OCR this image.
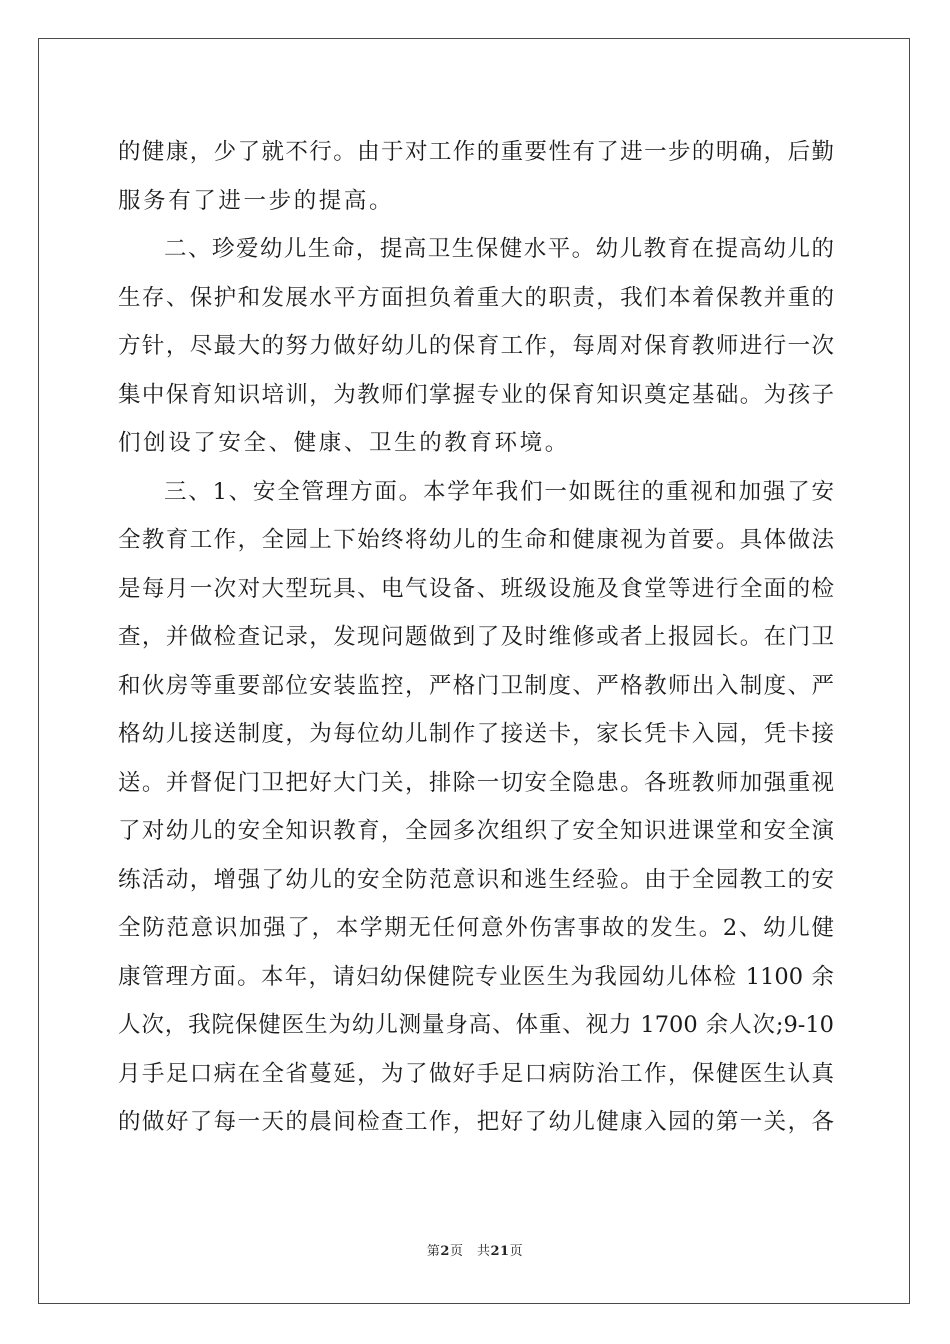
的健康，少了就不行。由于对工作的重要性有了进一步的明确，后勤
服务有了进一步的提高。
二、珍爱幼儿生命，提高卫生保健水平。幼儿教育在提高幼儿的
生存、保护和发展水平方面担负着重大的职责，我们本着保教并重的
方针，尽最大的努力做好幼儿的保育工作，每周对保育教师进行一次
集中保育知识培训，为教师们掌握专业的保育知识奠定基础。为孩子
们创设了安全、健康、卫生的教育环境。
三、1、安全管理方面。本学年我们一如既往的重视和加强了安
全教育工作，全园上下始终将幼儿的生命和健康视为首要。具体做法
是每月一次对大型玩具、电气设备、班级设施及食堂等进行全面的检
查，并做检查记录，发现问题做到了及时维修或者上报园长。在门卫
和伙房等重要部位安装监控，严格门卫制度、严格教师出入制度、严
格幼儿接送制度，为每位幼儿制作了接送卡，家长凭卡入园，凭卡接
送。并督促门卫把好大门关，排除一切安全隐患。各班教师加强重视
了对幼儿的安全知识教育，全园多次组织了安全知识进课堂和安全演
练活动，增强了幼儿的安全防范意识和逃生经验。由于全园教工的安
全防范意识加强了，本学期无任何意外伤害事故的发生。2、幼儿健
康管理方面。本年，请妇幼保健院专业医生为我园幼儿体检 1100 余
人次，我院保健医生为幼儿测量身高、体重、视力 1700 余人次;9-10
月手足口病在全省蔓延，为了做好手足口病防治工作，保健医生认真
的做好了每一天的晨间检查工作，把好了幼儿健康入园的第一关，各
第2页　共21页
